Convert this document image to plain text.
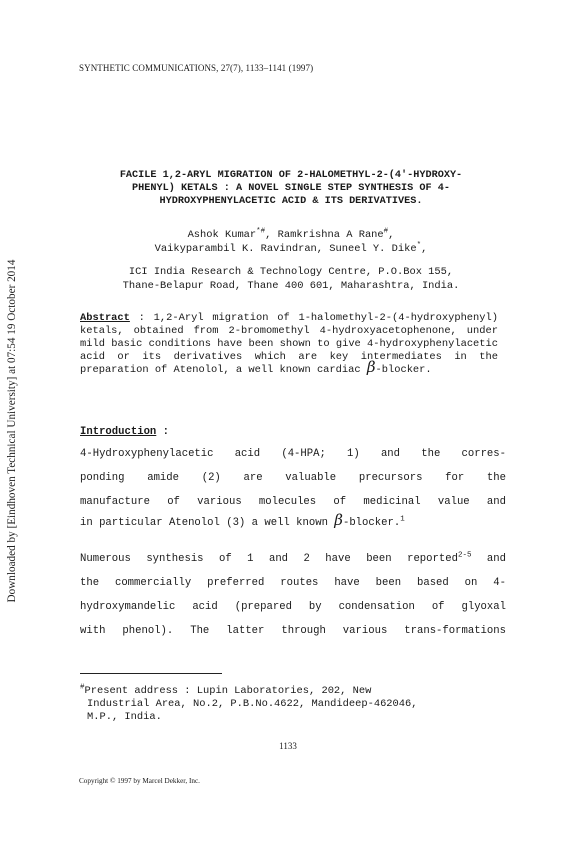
Downloaded by [Eindhoven Technical University] at 07:54 19 October 2014
SYNTHETIC COMMUNICATIONS, 27(7), 1133–1141 (1997)
FACILE 1,2-ARYL MIGRATION OF 2-HALOMETHYL-2-(4'-HYDROXY-
PHENYL) KETALS : A NOVEL SINGLE STEP SYNTHESIS OF 4-
HYDROXYPHENYLACETIC ACID & ITS DERIVATIVES.
Ashok Kumar*#, Ramkrishna A Rane#,
Vaikyparambil K. Ravindran, Suneel Y. Dike*,
ICI India Research & Technology Centre, P.O.Box 155,
Thane-Belapur Road, Thane 400 601, Maharashtra, India.
Abstract : 1,2-Aryl migration of 1-halomethyl-2-(4-hydroxyphenyl) ketals, obtained from 2-bromomethyl 4-hydroxyacetophenone, under mild basic conditions have been shown to give 4-hydroxyphenylacetic acid or its derivatives which are key intermediates in the preparation of Atenolol, a well known cardiac β-blocker.
Introduction :
4-Hydroxyphenylacetic acid (4-HPA; 1) and the corres-
ponding amide (2) are valuable precursors for the
manufacture of various molecules of medicinal value and
in particular Atenolol (3) a well known β-blocker.$^1$
Numerous synthesis of 1 and 2 have been reported$^{2-5}$ and
the commercially preferred routes have been based on 4-
hydroxymandelic acid (prepared by condensation of glyoxal
with phenol). The latter through various trans-formations
#Present address : Lupin Laboratories, 202, New
Industrial Area, No.2, P.B.No.4622, Mandideep-462046,
M.P., India.
1133
Copyright © 1997 by Marcel Dekker, Inc.
